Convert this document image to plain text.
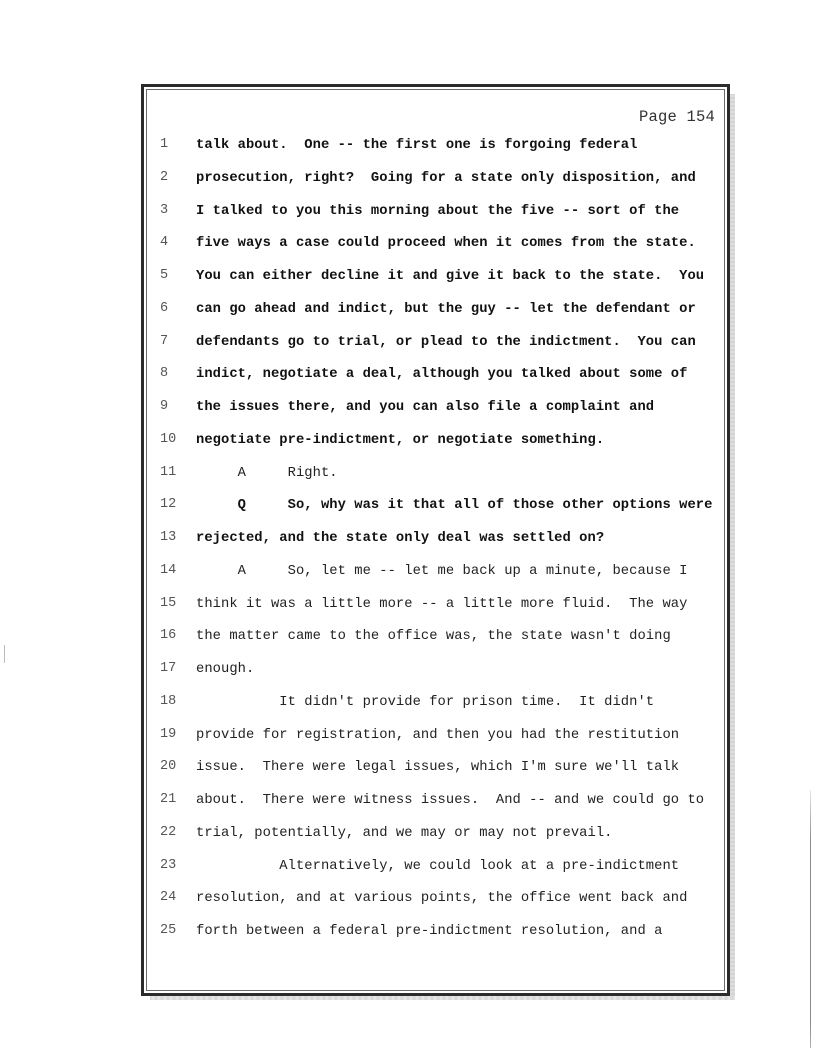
Page 154
1 talk about.  One -- the first one is forgoing federal
2 prosecution, right?  Going for a state only disposition, and
3 I talked to you this morning about the five -- sort of the
4 five ways a case could proceed when it comes from the state.
5 You can either decline it and give it back to the state.  You
6 can go ahead and indict, but the guy -- let the defendant or
7 defendants go to trial, or plead to the indictment.  You can
8 indict, negotiate a deal, although you talked about some of
9 the issues there, and you can also file a complaint and
10 negotiate pre-indictment, or negotiate something.
11 A     Right.
12 Q     So, why was it that all of those other options were
13 rejected, and the state only deal was settled on?
14 A     So, let me -- let me back up a minute, because I
15 think it was a little more -- a little more fluid.  The way
16 the matter came to the office was, the state wasn't doing
17 enough.
18 It didn't provide for prison time.  It didn't
19 provide for registration, and then you had the restitution
20 issue.  There were legal issues, which I'm sure we'll talk
21 about.  There were witness issues.  And -- and we could go to
22 trial, potentially, and we may or may not prevail.
23 Alternatively, we could look at a pre-indictment
24 resolution, and at various points, the office went back and
25 forth between a federal pre-indictment resolution, and a
